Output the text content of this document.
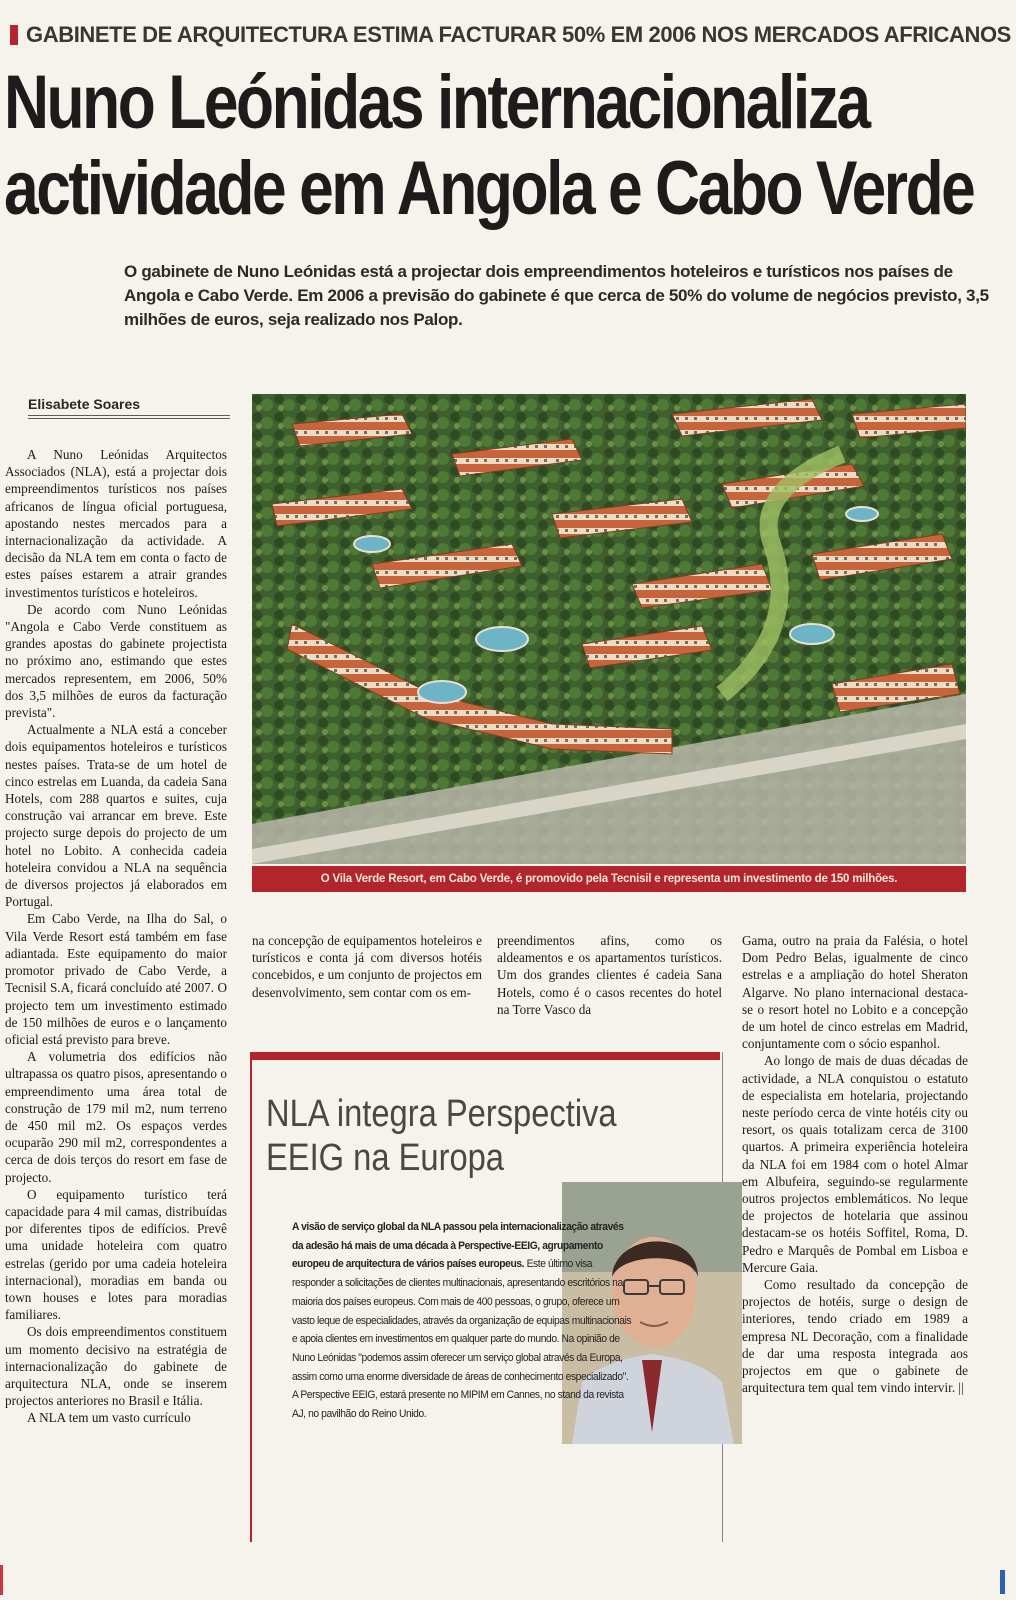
GABINETE DE ARQUITECTURA ESTIMA FACTURAR 50% EM 2006 NOS MERCADOS AFRICANOS
Nuno Leónidas internacionaliza
actividade em Angola e Cabo Verde
O gabinete de Nuno Leónidas está a projectar dois empreendimentos hoteleiros e turísticos nos países de Angola e Cabo Verde. Em 2006 a previsão do gabinete é que cerca de 50% do volume de negócios previsto, 3,5 milhões de euros, seja realizado nos Palop.
Elisabete Soares

A Nuno Leónidas Arquitectos Associados (NLA), está a projectar dois empreendimentos turísticos nos países africanos de língua oficial portuguesa, apostando nestes mercados para a internacionalização da actividade. A decisão da NLA tem em conta o facto de estes países estarem a atrair grandes investimentos turísticos e hoteleiros.

De acordo com Nuno Leónidas "Angola e Cabo Verde constituem as grandes apostas do gabinete projectista no próximo ano, estimando que estes mercados representem, em 2006, 50% dos 3,5 milhões de euros da facturação prevista".

Actualmente a NLA está a conceber dois equipamentos hoteleiros e turísticos nestes países. Trata-se de um hotel de cinco estrelas em Luanda, da cadeia Sana Hotels, com 288 quartos e suites, cuja construção vai arrancar em breve. Este projecto surge depois do projecto de um hotel no Lobito. A conhecida cadeia hoteleira convidou a NLA na sequência de diversos projectos já elaborados em Portugal.

Em Cabo Verde, na Ilha do Sal, o Vila Verde Resort está também em fase adiantada. Este equipamento do maior promotor privado de Cabo Verde, a Tecnisil S.A, ficará concluído até 2007. O projecto tem um investimento estimado de 150 milhões de euros e o lançamento oficial está previsto para breve.

A volumetria dos edifícios não ultrapassa os quatro pisos, apresentando o empreendimento uma área total de construção de 179 mil m2, num terreno de 450 mil m2. Os espaços verdes ocuparão 290 mil m2, correspondentes a cerca de dois terços do resort em fase de projecto.

O equipamento turístico terá capacidade para 4 mil camas, distribuídas por diferentes tipos de edifícios. Prevê uma unidade hoteleira com quatro estrelas (gerido por uma cadeia hoteleira internacional), moradias em banda ou town houses e lotes para moradias familiares.

Os dois empreendimentos constituem um momento decisivo na estratégia de internacionalização do gabinete de arquitectura NLA, onde se inserem projectos anteriores no Brasil e Itália.

A NLA tem um vasto currículo

O Vila Verde Resort, em Cabo Verde, é promovido pela Tecnisil e representa um investimento de 150 milhões.

na concepção de equipamentos hoteleiros e turísticos e conta já com diversos hotéis concebidos, e um conjunto de projectos em desenvolvimento, sem contar com os em-

preendimentos afins, como os aldeamentos e os apartamentos turísticos. Um dos grandes clientes é cadeia Sana Hotels, como é o casos recentes do hotel na Torre Vasco da

Gama, outro na praia da Falésia, o hotel Dom Pedro Belas, igualmente de cinco estrelas e a ampliação do hotel Sheraton Algarve. No plano internacional destaca-se o resort hotel no Lobito e a concepção de um hotel de cinco estrelas em Madrid, conjuntamente com o sócio espanhol.

Ao longo de mais de duas décadas de actividade, a NLA conquistou o estatuto de especialista em hotelaria, projectando neste período cerca de vinte hotéis city ou resort, os quais totalizam cerca de 3100 quartos. A primeira experiência hoteleira da NLA foi em 1984 com o hotel Almar em Albufeira, seguindo-se regularmente outros projectos emblemáticos. No leque de projectos de hotelaria que assinou destacam-se os hotéis Soffitel, Roma, D. Pedro e Marquês de Pombal em Lisboa e Mercure Gaia.

Como resultado da concepção de projectos de hotéis, surge o design de interiores, tendo criado em 1989 a empresa NL Decoração, com a finalidade de dar uma resposta integrada aos projectos em que o gabinete de arquitectura tem qual tem vindo intervir. ||

NLA integra Perspectiva
EEIG na Europa
A visão de serviço global da NLA passou pela internacionalização através da adesão há mais de uma década à Perspective-EEIG, agrupamento europeu de arquitectura de vários países europeus. Este último visa responder a solicitações de clientes multinacionais, apresentando escritórios na maioria dos países europeus. Com mais de 400 pessoas, o grupo, oferece um vasto leque de especialidades, através da organização de equipas multinacionais e apoia clientes em investimentos em qualquer parte do mundo. Na opinião de Nuno Leónidas "podemos assim oferecer um serviço global através da Europa, assim como uma enorme diversidade de áreas de conhecimento especializado". A Perspective EEIG, estará presente no MIPIM em Cannes, no stand da revista AJ, no pavilhão do Reino Unido.
